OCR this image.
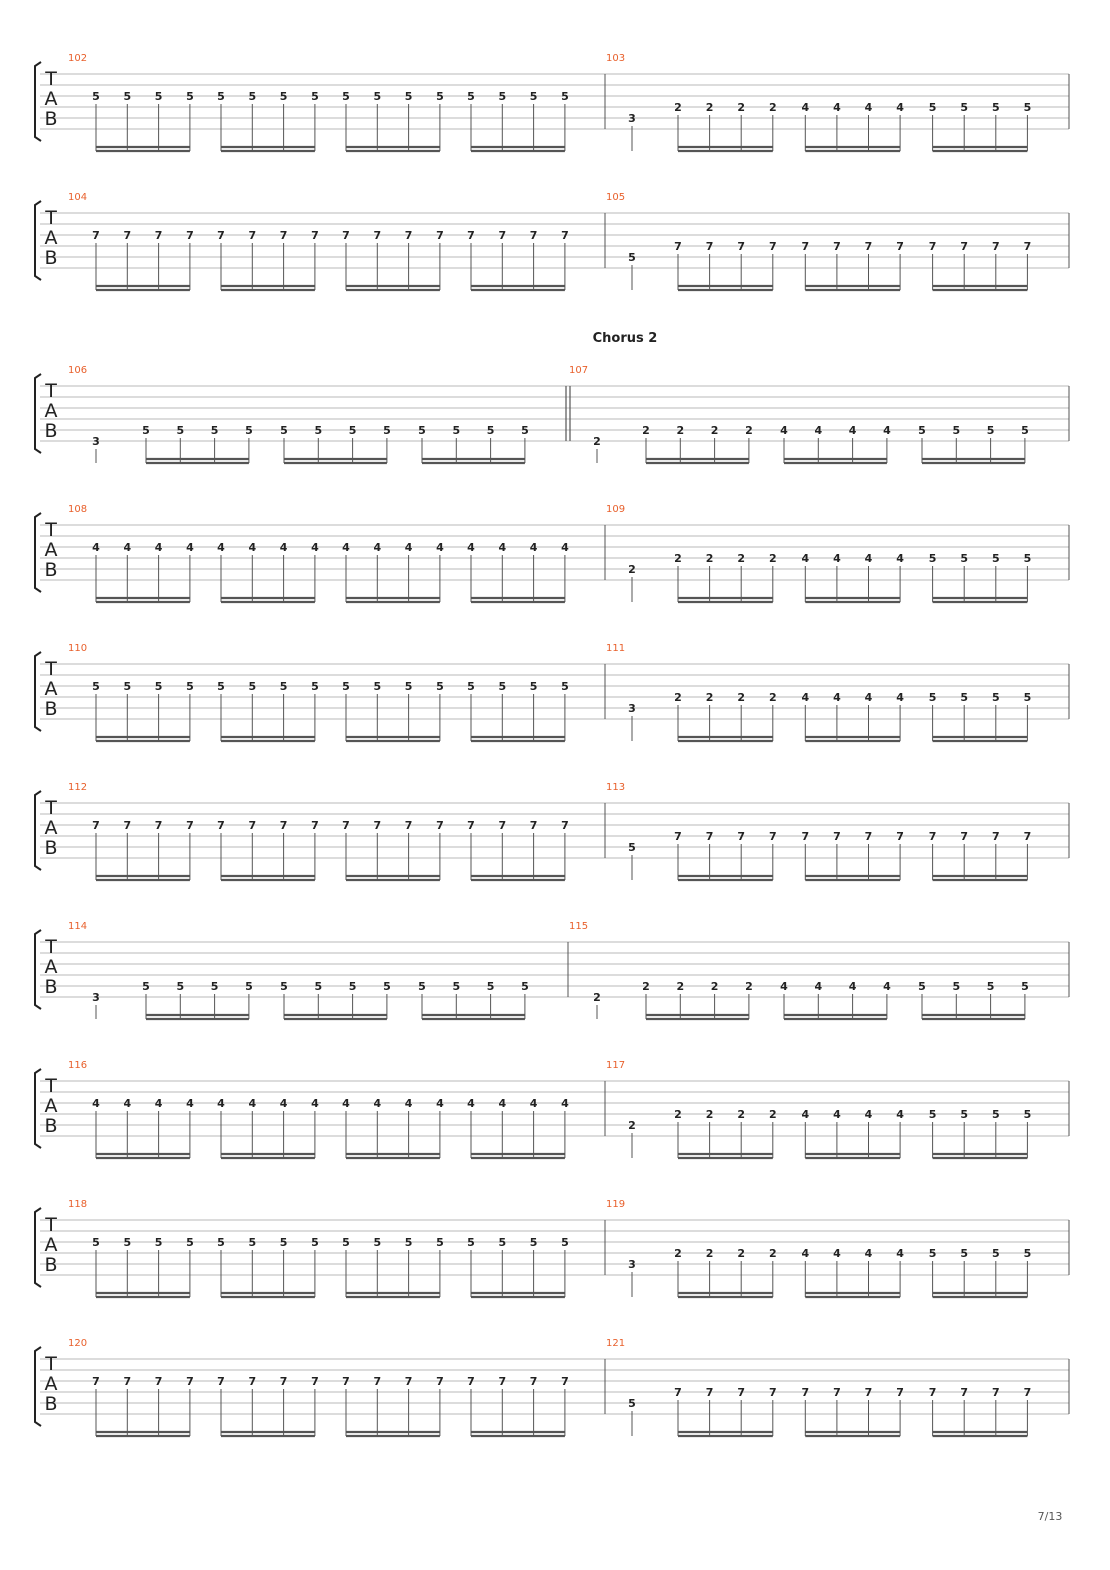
T
A
B
102	103
5 5 5 5 5 5 5 5 5 5 5 5 5 5 5 5
3
2 2 2 2 4 4 4 4 5 5 5 5
T
A
B
104	105
7 7 7 7 7 7 7 7 7 7 7 7 7 7 7 7
5
7 7 7 7 7 7 7 7 7 7 7 7
T
A
B
106	107
3
5 5 5 5 5 5 5 5 5 5 5 5
2
2 2 2 2 4 4 4 4 5 5 5 5
T
A
B
108	109
4 4 4 4 4 4 4 4 4 4 4 4 4 4 4 4
2
2 2 2 2 4 4 4 4 5 5 5 5
T
A
B
110	111
5 5 5 5 5 5 5 5 5 5 5 5 5 5 5 5
3
2 2 2 2 4 4 4 4 5 5 5 5
T
A
B
112	113
7 7 7 7 7 7 7 7 7 7 7 7 7 7 7 7
5
7 7 7 7 7 7 7 7 7 7 7 7
T
A
B
114	115
3
5 5 5 5 5 5 5 5 5 5 5 5
2
2 2 2 2 4 4 4 4 5 5 5 5
T
A
B
116	117
4 4 4 4 4 4 4 4 4 4 4 4 4 4 4 4
2
2 2 2 2 4 4 4 4 5 5 5 5
T
A
B
118	119
5 5 5 5 5 5 5 5 5 5 5 5 5 5 5 5
3
2 2 2 2 4 4 4 4 5 5 5 5
T
A
B
120	121
7 7 7 7 7 7 7 7 7 7 7 7 7 7 7 7
5
7 7 7 7 7 7 7 7 7 7 7 7
Chorus 2
7/13
